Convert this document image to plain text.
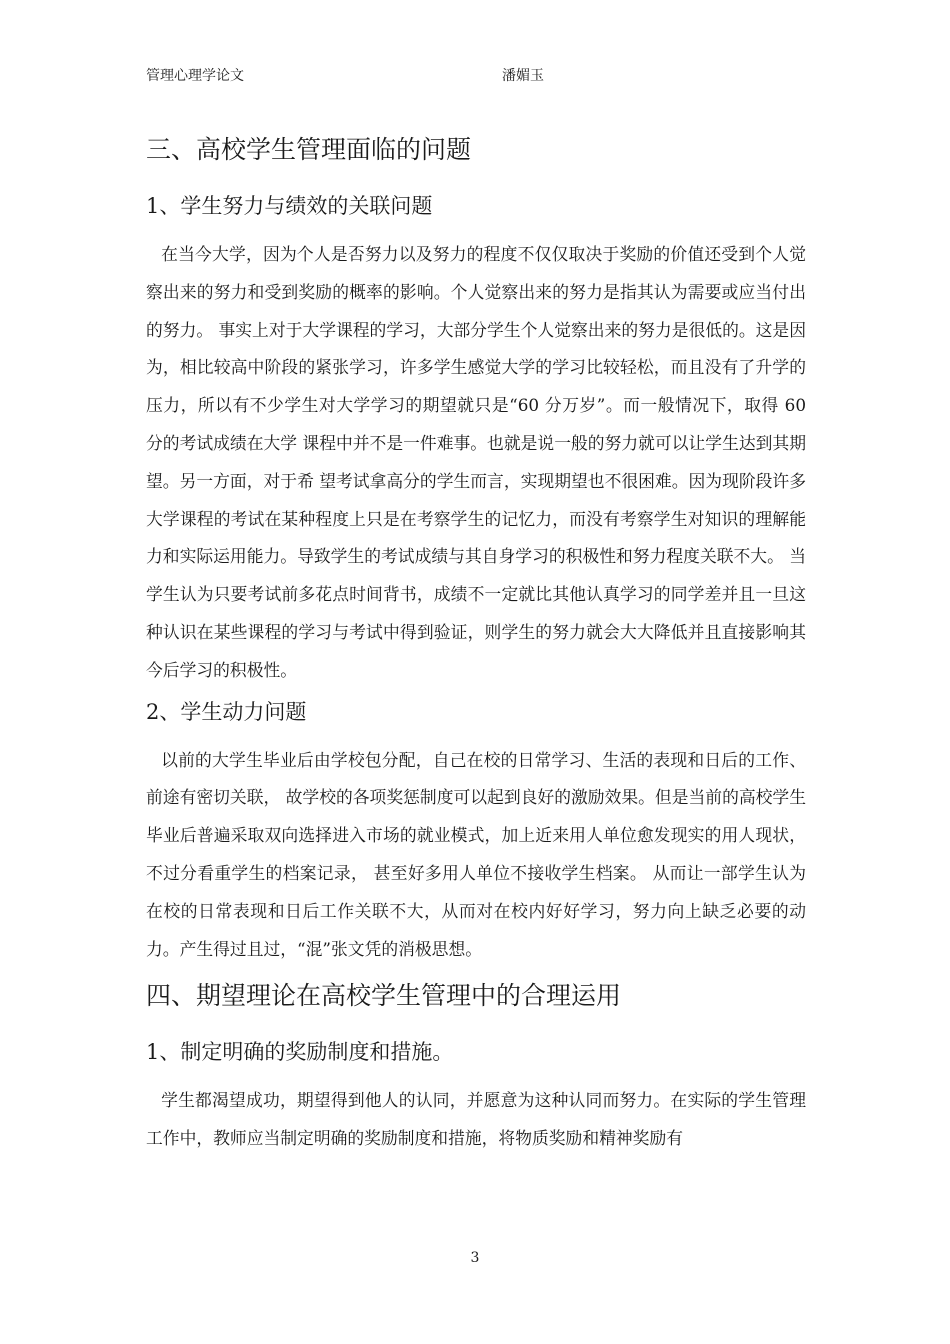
管理心理学论文	潘媚玉
三、高校学生管理面临的问题
1、学生努力与绩效的关联问题

在当今大学，因为个人是否努力以及努力的程度不仅仅取决于奖励的价值还受到个人觉察出来的努力和受到奖励的概率的影响。个人觉察出来的努力是指其认为需要或应当付出的努力。 事实上对于大学课程的学习，大部分学生个人觉察出来的努力是很低的。这是因为，相比较高中阶段的紧张学习，许多学生感觉大学的学习比较轻松，而且没有了升学的压力，所以有不少学生对大学学习的期望就只是“60 分万岁”。而一般情况下，取得 60 分的考试成绩在大学 课程中并不是一件难事。也就是说一般的努力就可以让学生达到其期望。另一方面，对于希 望考试拿高分的学生而言，实现期望也不很困难。因为现阶段许多大学课程的考试在某种程度上只是在考察学生的记忆力，而没有考察学生对知识的理解能力和实际运用能力。导致学生的考试成绩与其自身学习的积极性和努力程度关联不大。 当学生认为只要考试前多花点时间背书，成绩不一定就比其他认真学习的同学差并且一旦这种认识在某些课程的学习与考试中得到验证，则学生的努力就会大大降低并且直接影响其今后学习的积极性。

2、学生动力问题

以前的大学生毕业后由学校包分配，自己在校的日常学习、生活的表现和日后的工作、 前途有密切关联， 故学校的各项奖惩制度可以起到良好的激励效果。但是当前的高校学生毕业后普遍采取双向选择进入市场的就业模式，加上近来用人单位愈发现实的用人现状，不过分看重学生的档案记录， 甚至好多用人单位不接收学生档案。 从而让一部学生认为在校的日常表现和日后工作关联不大，从而对在校内好好学习，努力向上缺乏必要的动力。产生得过且过，“混”张文凭的消极思想。

四、期望理论在高校学生管理中的合理运用
1、制定明确的奖励制度和措施。

学生都渴望成功，期望得到他人的认同，并愿意为这种认同而努力。在实际的学生管理工作中，教师应当制定明确的奖励制度和措施，将物质奖励和精神奖励有

3
